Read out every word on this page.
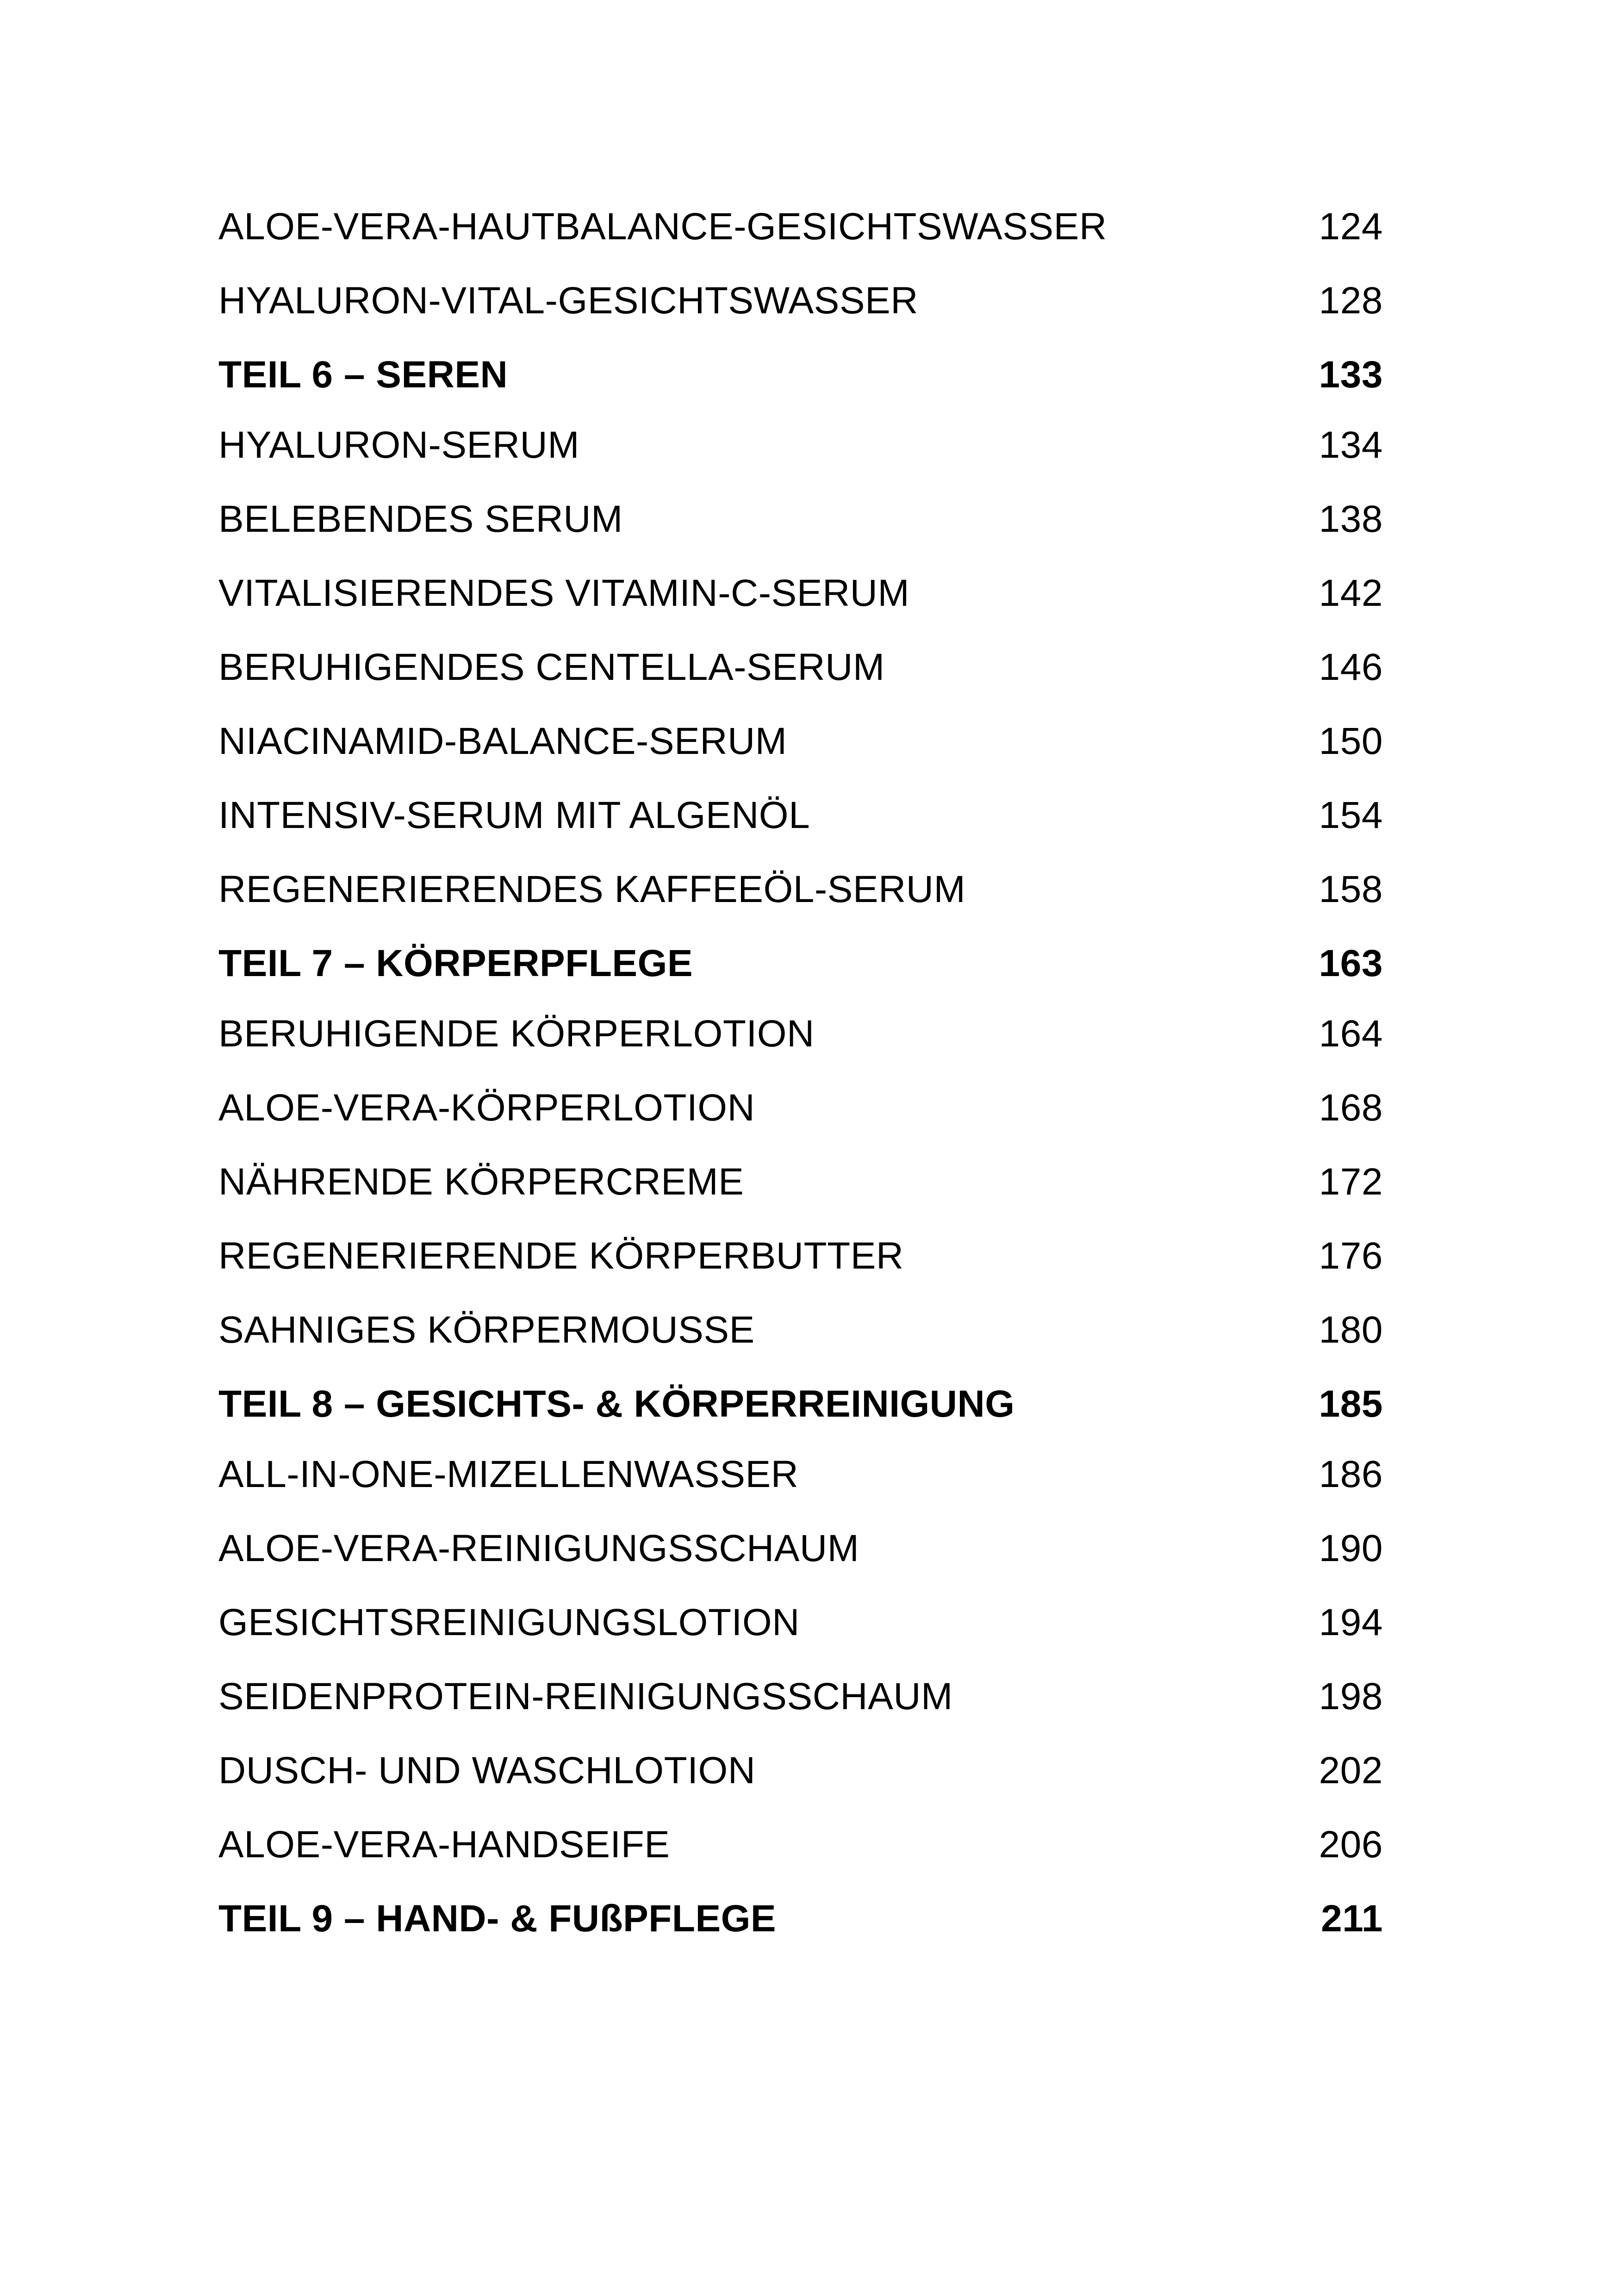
ALOE-VERA-HAUTBALANCE-GESICHTSWASSER	124
HYALURON-VITAL-GESICHTSWASSER	128
TEIL 6 – SEREN	133
HYALURON-SERUM	134
BELEBENDES SERUM	138
VITALISIERENDES VITAMIN-C-SERUM	142
BERUHIGENDES CENTELLA-SERUM	146
NIACINAMID-BALANCE-SERUM	150
INTENSIV-SERUM MIT ALGENÖL	154
REGENERIERENDES KAFFEEÖL-SERUM	158
TEIL 7 – KÖRPERPFLEGE	163
BERUHIGENDE KÖRPERLOTION	164
ALOE-VERA-KÖRPERLOTION	168
NÄHRENDE KÖRPERCREME	172
REGENERIERENDE KÖRPERBUTTER	176
SAHNIGES KÖRPERMOUSSE	180
TEIL 8 – GESICHTS- & KÖRPERREINIGUNG	185
ALL-IN-ONE-MIZELLENWASSER	186
ALOE-VERA-REINIGUNGSSCHAUM	190
GESICHTSREINIGUNGSLOTION	194
SEIDENPROTEIN-REINIGUNGSSCHAUM	198
DUSCH- UND WASCHLOTION	202
ALOE-VERA-HANDSEIFE	206
TEIL 9 – HAND- & FUßPFLEGE	211
